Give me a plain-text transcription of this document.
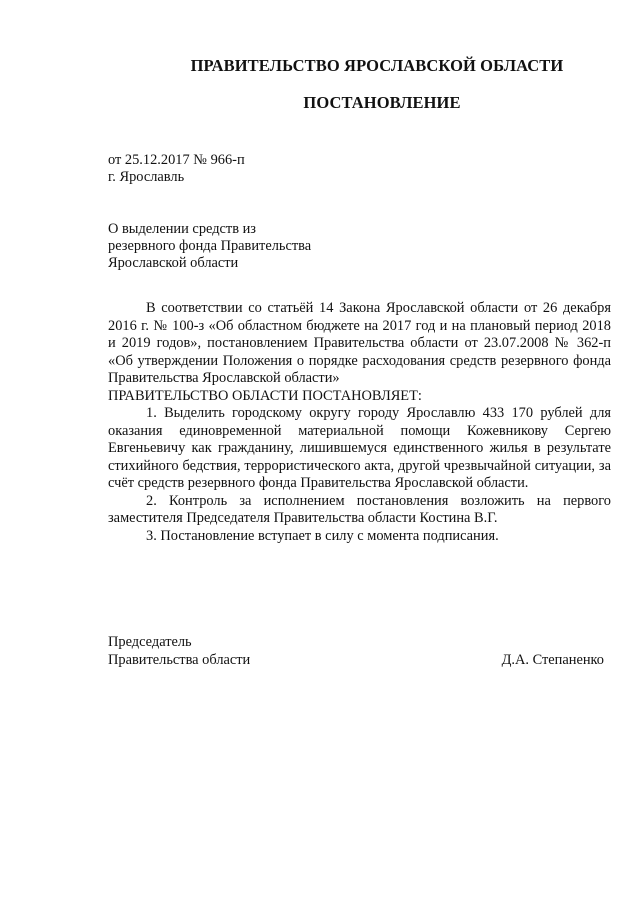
ПРАВИТЕЛЬСТВО ЯРОСЛАВСКОЙ ОБЛАСТИ
ПОСТАНОВЛЕНИЕ
от 25.12.2017 № 966-п
г. Ярославль
О выделении средств из
резервного фонда Правительства
Ярославской области

В соответствии со статьёй 14 Закона Ярославской области от 26 декабря 2016 г. № 100-з «Об областном бюджете на 2017 год и на плановый период 2018 и 2019 годов», постановлением Правительства области от 23.07.2008 № 362-п «Об утверждении Положения о порядке расходования средств резервного фонда Правительства Ярославской области»

ПРАВИТЕЛЬСТВО ОБЛАСТИ ПОСТАНОВЛЯЕТ:

1. Выделить городскому округу городу Ярославлю 433 170 рублей для оказания единовременной материальной помощи Кожевникову Сергею Евгеньевичу как гражданину, лишившемуся единственного жилья в результате стихийного бедствия, террористического акта, другой чрезвычайной ситуации, за счёт средств резервного фонда Правительства Ярославской области.

2. Контроль за исполнением постановления возложить на первого заместителя Председателя Правительства области Костина В.Г.

3. Постановление вступает в силу с момента подписания.

Председатель
Правительства области	Д.А. Степаненко
